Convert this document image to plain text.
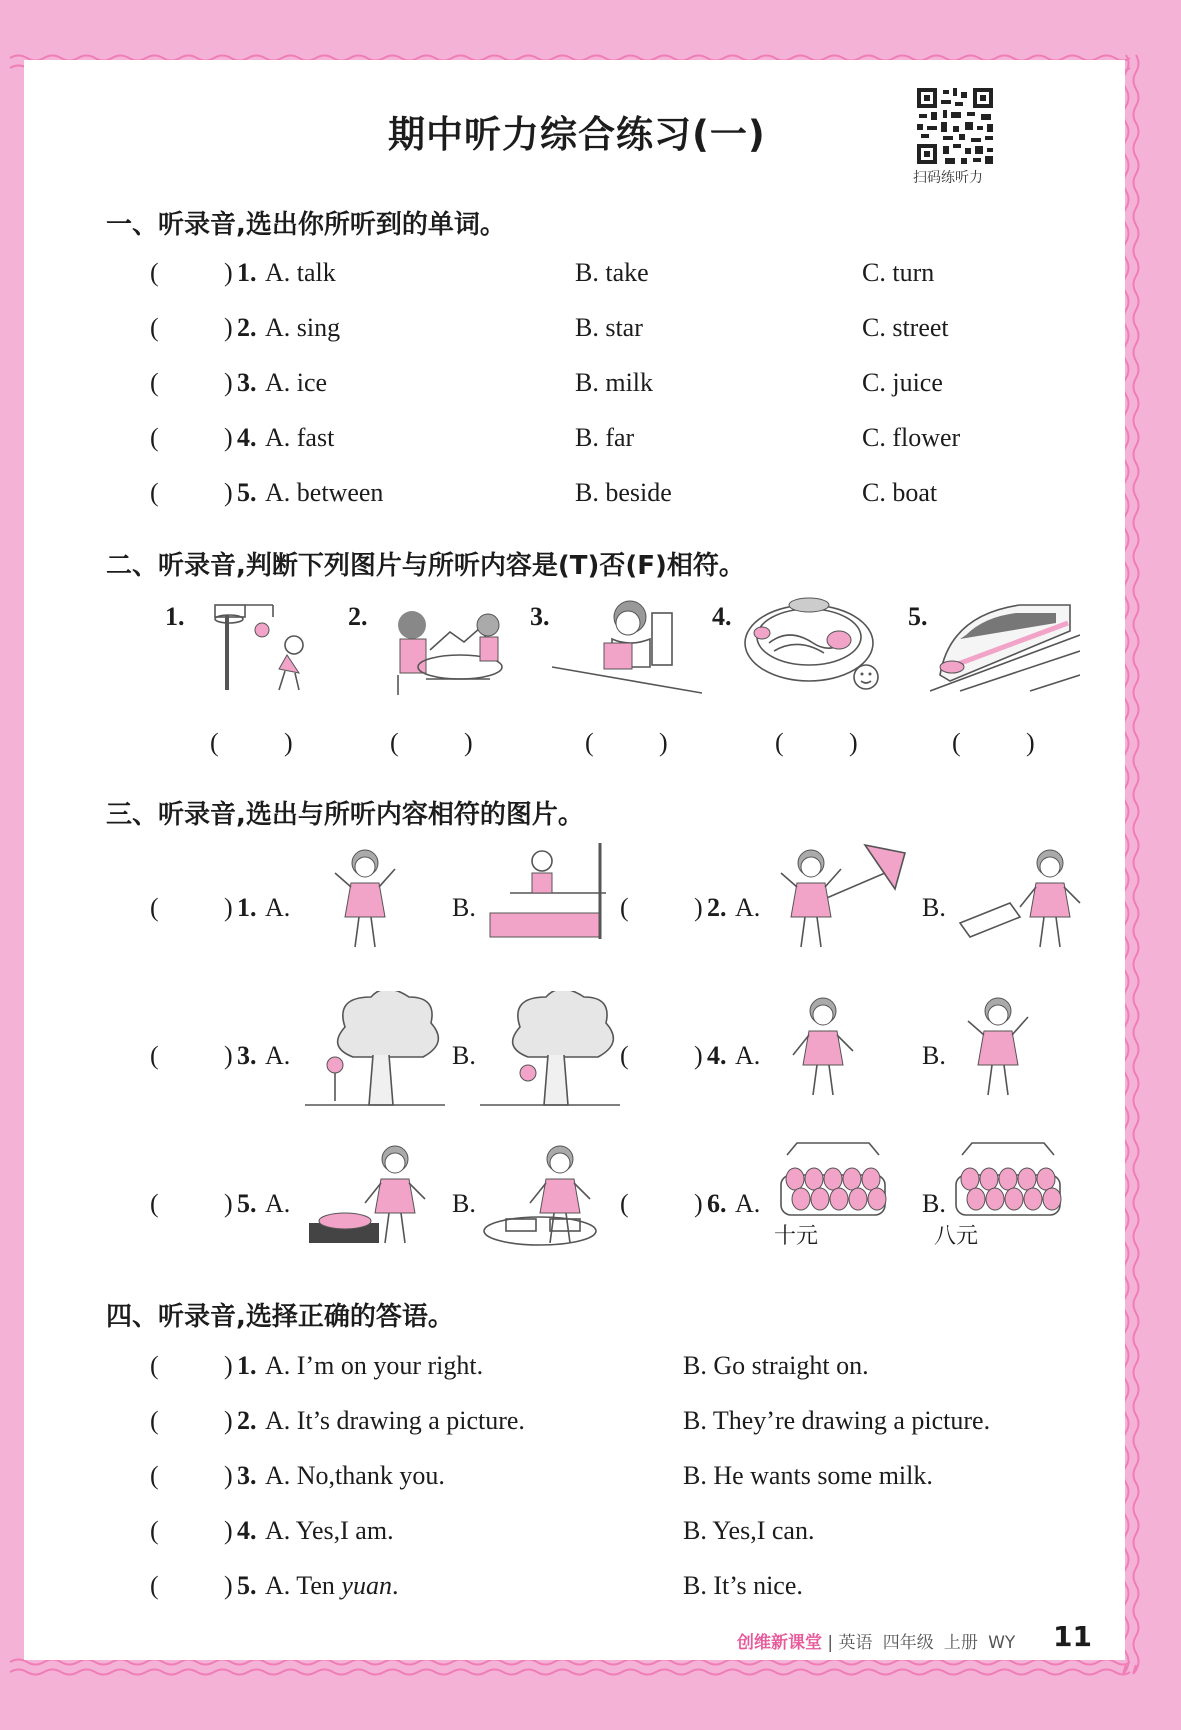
期中听力综合练习(一)
扫码练听力
一、听录音,选出你所听到的单词。
二、听录音,判断下列图片与所听内容是(T)否(F)相符。
三、听录音,选出与所听内容相符的图片。
四、听录音,选择正确的答语。
创维新课堂 | 英语 四年级 上册 WY 11
(	) 1. A. talk	B. take	C. turn
(	) 2. A. sing	B. star	C. street
(	) 3. A. ice	B. milk	C. juice
(	) 4. A. fast	B. far	C. flower
(	) 5. A. between	B. beside	C. boat
1.
(	)
2.
(	)
3.
(	)
4.
(	)
5.
(	)
(	) 1. A.	B.	(	) 2. A.	B.
(	) 3. A.	B.	(	) 4. A.	B.
(	) 5. A.	B.	(	) 6. A.	B.
十元	八元
(	) 1. A. I’m on your right.	B. Go straight on.
(	) 2. A. It’s drawing a picture.	B. They’re drawing a picture.
(	) 3. A. No,thank you.	B. He wants some milk.
(	) 4. A. Yes,I am.	B. Yes,I can.
(	) 5. A. Ten yuan.	B. It’s nice.
